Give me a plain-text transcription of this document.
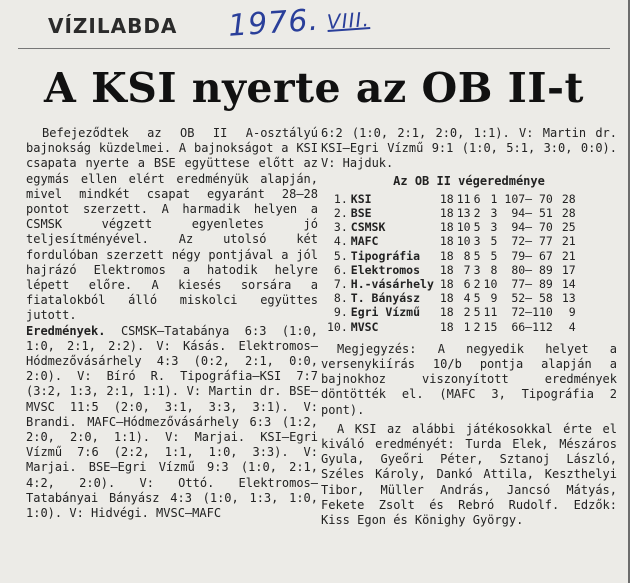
VÍZILABDA 1976. VIII.
A KSI nyerte az OB II-t

Befejeződtek az OB II A-osztályú bajnokság küzdelmei. A bajnokságot a KSI csapata nyerte a BSE együttese előtt az egymás ellen elért eredményük alapján, mivel mindkét csapat egyaránt 28—28 pontot szerzett. A harmadik helyen a CSMSK végzett egyenletes jó teljesítményével. Az utolsó két fordulóban szerzett négy pontjával a jól hajrázó Elektromos a hatodik helyre lépett előre. A kiesés sorsára a fiatalokból álló miskolci együttes jutott.

Eredmények. CSMSK—Tatabánya 6:3 (1:0, 1:0, 2:1, 2:2). V: Kásás. Elektromos—Hódmezővásárhely 4:3 (0:2, 2:1, 0:0, 2:0). V: Bíró R. Tipográfia—KSI 7:7 (3:2, 1:3, 2:1, 1:1). V: Martin dr. BSE—MVSC 11:5 (2:0, 3:1, 3:3, 3:1). V: Brandi. MAFC—Hódmezővásárhely 6:3 (1:2, 2:0, 2:0, 1:1). V: Marjai. KSI—Egri Vízmű 7:6 (2:2, 1:1, 1:0, 3:3). V: Marjai. BSE—Egri Vízmű 9:3 (1:0, 2:1, 4:2, 2:0). V: Ottó. Elektromos—Tatabányai Bányász 4:3 (1:0, 1:3, 1:0, 1:0). V: Hidvégi. MVSC—MAFC

6:2 (1:0, 2:1, 2:0, 1:1). V: Martin dr. KSI—Egri Vízmű 9:1 (1:0, 5:1, 3:0, 0:0). V: Hajduk.

Az OB II végeredménye
1.	KSI	18	11	6	1	107— 70	28
2.	BSE	18	13	2	3	94— 51	28
3.	CSMSK	18	10	5	3	94— 70	25
4.	MAFC	18	10	3	5	72— 77	21
5.	Tipográfia	18	8	5	5	79— 67	21
6.	Elektromos	18	7	3	8	80— 89	17
7.	H.-vásárhely	18	6	2	10	77— 89	14
8.	T. Bányász	18	4	5	9	52— 58	13
9.	Egri Vízmű	18	2	5	11	72—110	9
10.	MVSC	18	1	2	15	66—112	4

Megjegyzés: A negyedik helyet a versenykiírás 10/b pontja alapján a bajnokhoz viszonyított eredmények döntötték el. (MAFC 3, Tipográfia 2 pont).

A KSI az alábbi játékosokkal érte el kiváló eredményét: Turda Elek, Mészáros Gyula, Gyeőri Péter, Sztanoj László, Széles Károly, Dankó Attila, Keszthelyi Tibor, Müller András, Jancsó Mátyás, Fekete Zsolt és Rebró Rudolf. Edzők: Kiss Egon és Könighy György.
